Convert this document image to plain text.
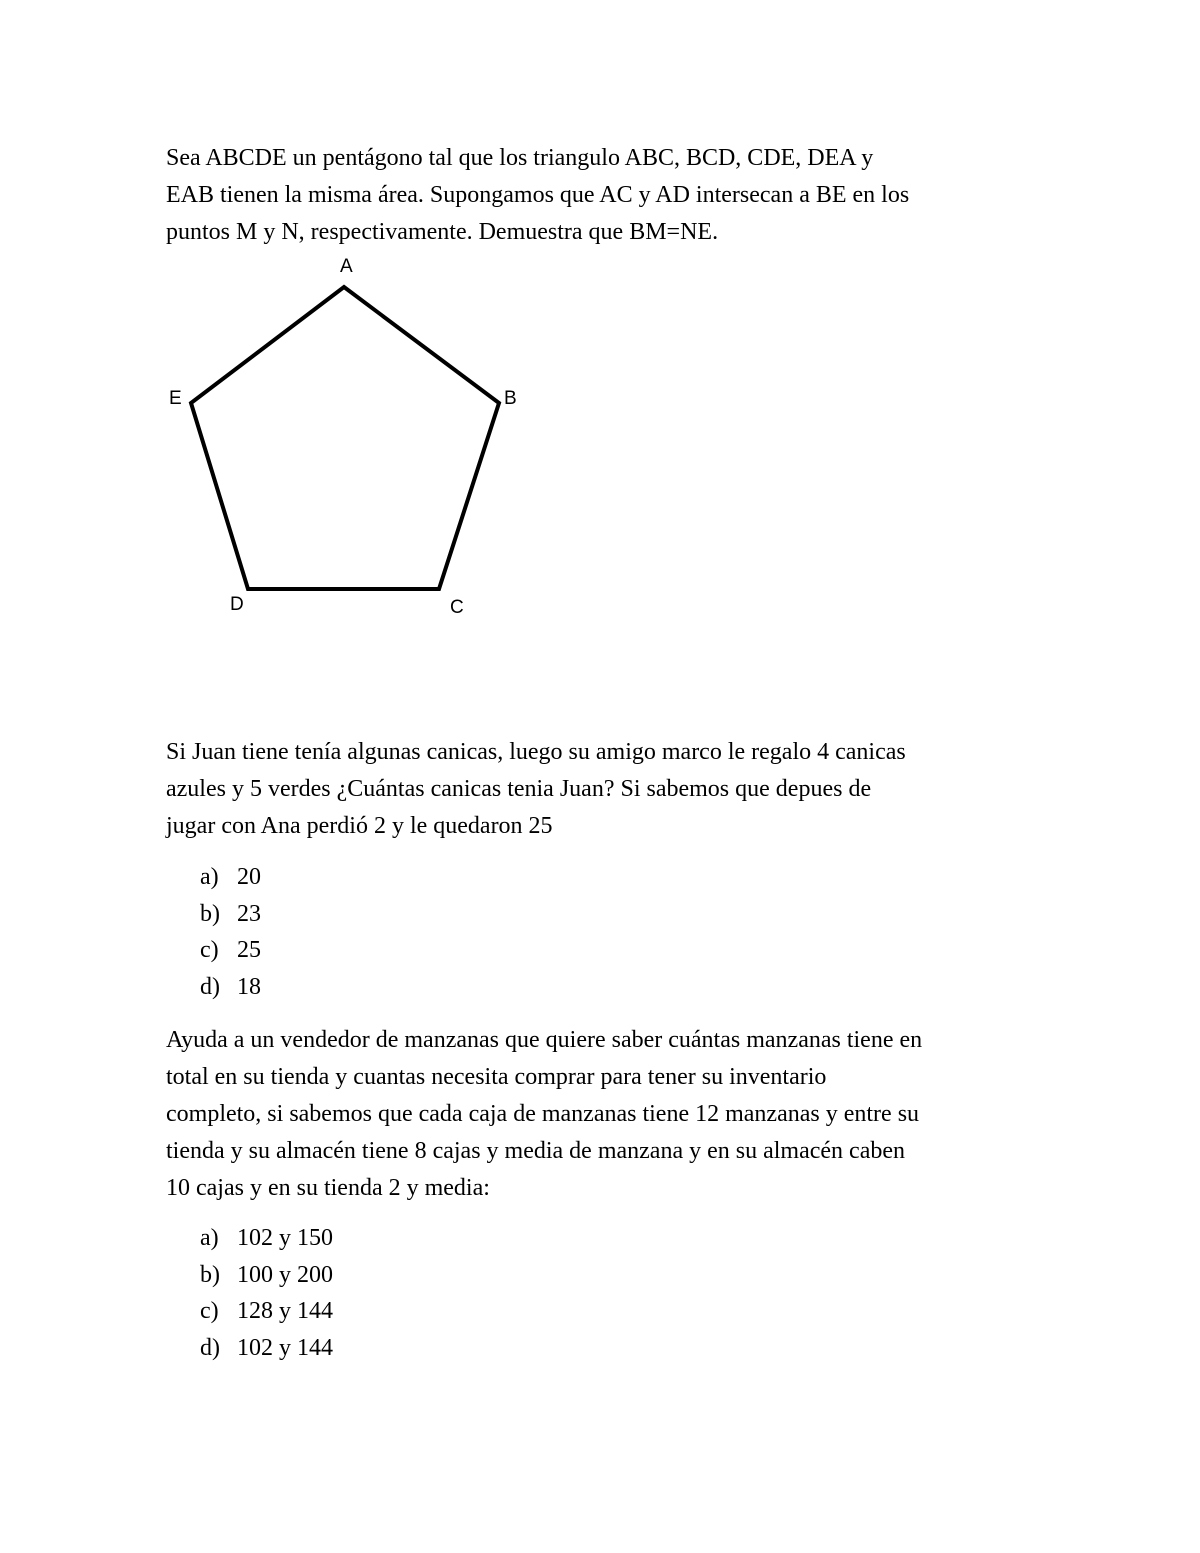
Sea ABCDE un pentágono tal que los triangulo ABC, BCD, CDE, DEA y
EAB tienen la misma área. Supongamos que AC y AD intersecan a BE en los
puntos M y N, respectivamente. Demuestra que BM=NE.

A
B
C
D
E

Si Juan tiene tenía algunas canicas, luego su amigo marco le regalo 4 canicas
azules y 5 verdes ¿Cuántas canicas tenia Juan? Si sabemos que depues de
jugar con Ana perdió 2 y le quedaron 25

a) 20
b) 23
c) 25
d) 18

Ayuda a un vendedor de manzanas que quiere saber cuántas manzanas tiene en
total en su tienda y cuantas necesita comprar para tener su inventario
completo, si sabemos que cada caja de manzanas tiene 12 manzanas y entre su
tienda y su almacén tiene 8 cajas y media de manzana y en su almacén caben
10 cajas y en su tienda 2 y media:

a) 102 y 150
b) 100 y 200
c) 128 y 144
d) 102 y 144
